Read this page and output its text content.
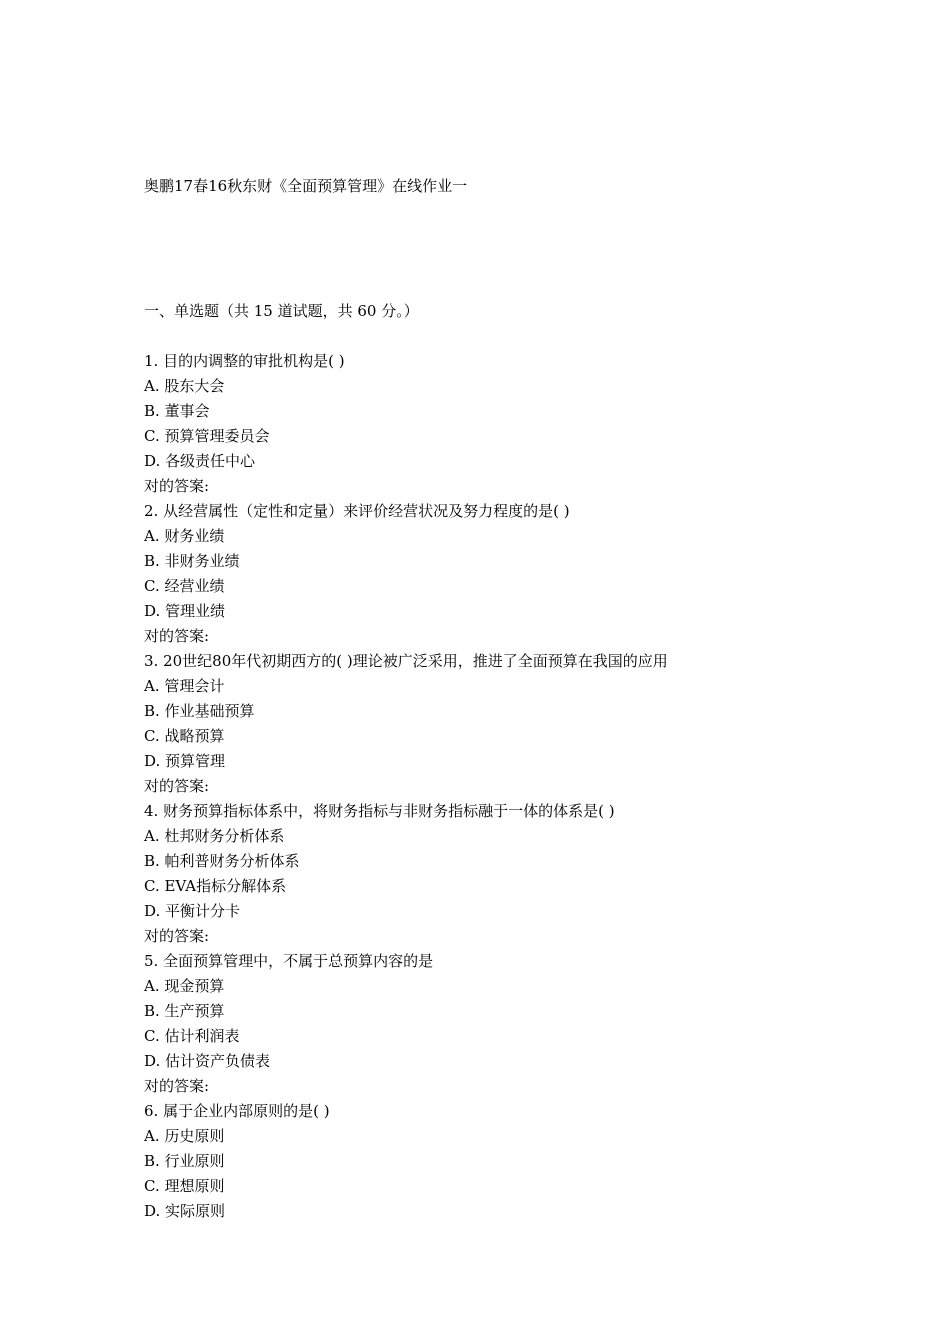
奥鹏17春16秋东财《全面预算管理》在线作业一
一、单选题（共 15 道试题，共 60 分。）
1. 目的内调整的审批机构是( )
A. 股东大会
B. 董事会
C. 预算管理委员会
D. 各级责任中心
对的答案:
2. 从经营属性（定性和定量）来评价经营状况及努力程度的是( )
A. 财务业绩
B. 非财务业绩
C. 经营业绩
D. 管理业绩
对的答案:
3. 20世纪80年代初期西方的( )理论被广泛采用，推进了全面预算在我国的应用
A. 管理会计
B. 作业基础预算
C. 战略预算
D. 预算管理
对的答案:
4. 财务预算指标体系中，将财务指标与非财务指标融于一体的体系是( )
A. 杜邦财务分析体系
B. 帕利普财务分析体系
C. EVA指标分解体系
D. 平衡计分卡
对的答案:
5. 全面预算管理中，不属于总预算内容的是
A. 现金预算
B. 生产预算
C. 估计利润表
D. 估计资产负债表
对的答案:
6. 属于企业内部原则的是( )
A. 历史原则
B. 行业原则
C. 理想原则
D. 实际原则
